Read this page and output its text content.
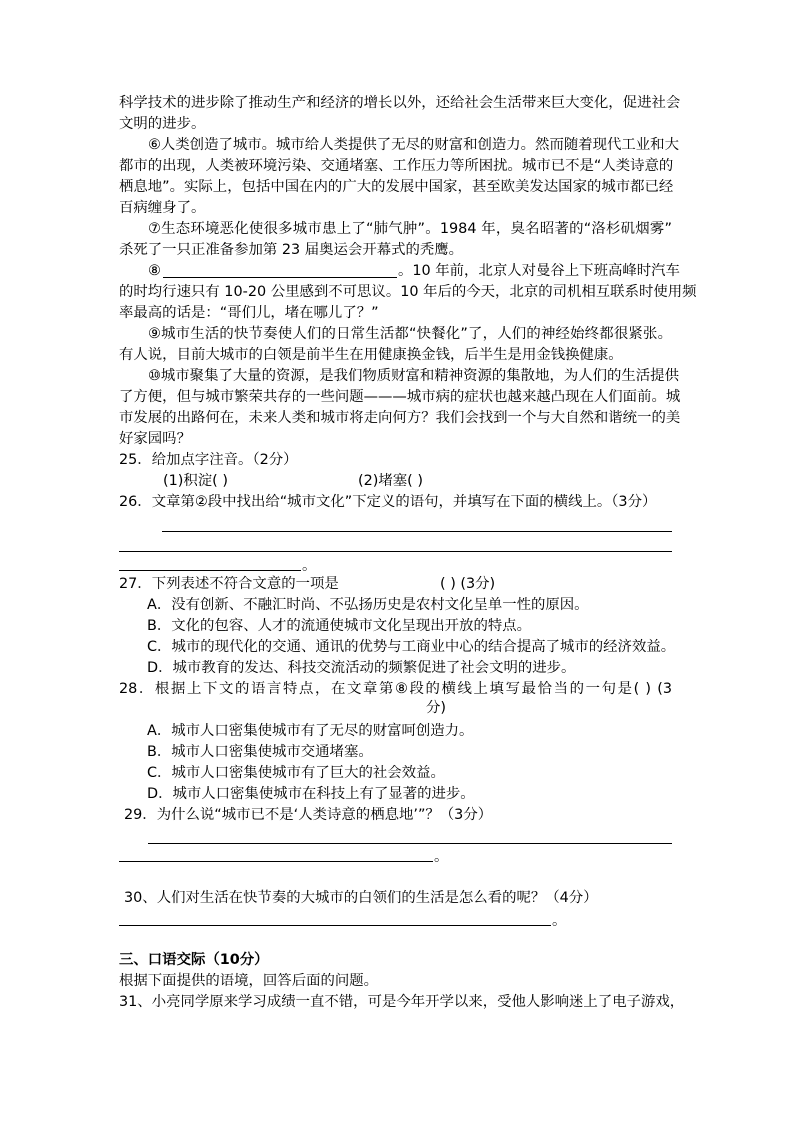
科学技术的进步除了推动生产和经济的增长以外，还给社会生活带来巨大变化，促进社会
文明的进步。
⑥人类创造了城市。城市给人类提供了无尽的财富和创造力。然而随着现代工业和大
都市的出现，人类被环境污染、交通堵塞、工作压力等所困扰。城市已不是“人类诗意的
栖息地”。实际上，包括中国在内的广大的发展中国家，甚至欧美发达国家的城市都已经
百病缠身了。
⑦生态环境恶化使很多城市患上了“肺气肿”。1984 年，臭名昭著的“洛杉矶烟雾”
杀死了一只正准备参加第 23 届奥运会开幕式的秃鹰。
⑧	。10 年前，北京人对曼谷上下班高峰时汽车
的时均行速只有 10-20 公里感到不可思议。10 年后的今天，北京的司机相互联系时使用频
率最高的话是：“哥们儿，堵在哪儿了？”
⑨城市生活的快节奏使人们的日常生活都“快餐化”了，人们的神经始终都很紧张。
有人说，目前大城市的白领是前半生在用健康换金钱，后半生是用金钱换健康。
⑩城市聚集了大量的资源，是我们物质财富和精神资源的集散地，为人们的生活提供
了方便，但与城市繁荣共存的一些问题———城市病的症状也越来越凸现在人们面前。城
市发展的出路何在，未来人类和城市将走向何方？我们会找到一个与大自然和谐统一的美
好家园吗？
25．给加点字注音。（2分）
(1)积淀( )	(2)堵塞( )
26．文章第②段中找出给“城市文化”下定义的语句，并填写在下面的横线上。（3分）
。
27．下列表述不符合文意的一项是	( ) (3分)
A．没有创新、不融汇时尚、不弘扬历史是农村文化呈单一性的原因。
B．文化的包容、人才的流通使城市文化呈现出开放的特点。
C．城市的现代化的交通、通讯的优势与工商业中心的结合提高了城市的经济效益。
D．城市教育的发达、科技交流活动的频繁促进了社会文明的进步。
28．根据上下文的语言特点，在文章第⑧段的横线上填写最恰当的一句是( ) (3
分)
A．城市人口密集使城市有了无尽的财富呵创造力。
B．城市人口密集使城市交通堵塞。
C．城市人口密集使城市有了巨大的社会效益。
D．城市人口密集使城市在科技上有了显著的进步。
29．为什么说“城市已不是‘人类诗意的栖息地’”？（3分）
。
30、人们对生活在快节奏的大城市的白领们的生活是怎么看的呢？（4分）
。
三、口语交际（10分）
根据下面提供的语境，回答后面的问题。
31、小亮同学原来学习成绩一直不错，可是今年开学以来，受他人影响迷上了电子游戏，
